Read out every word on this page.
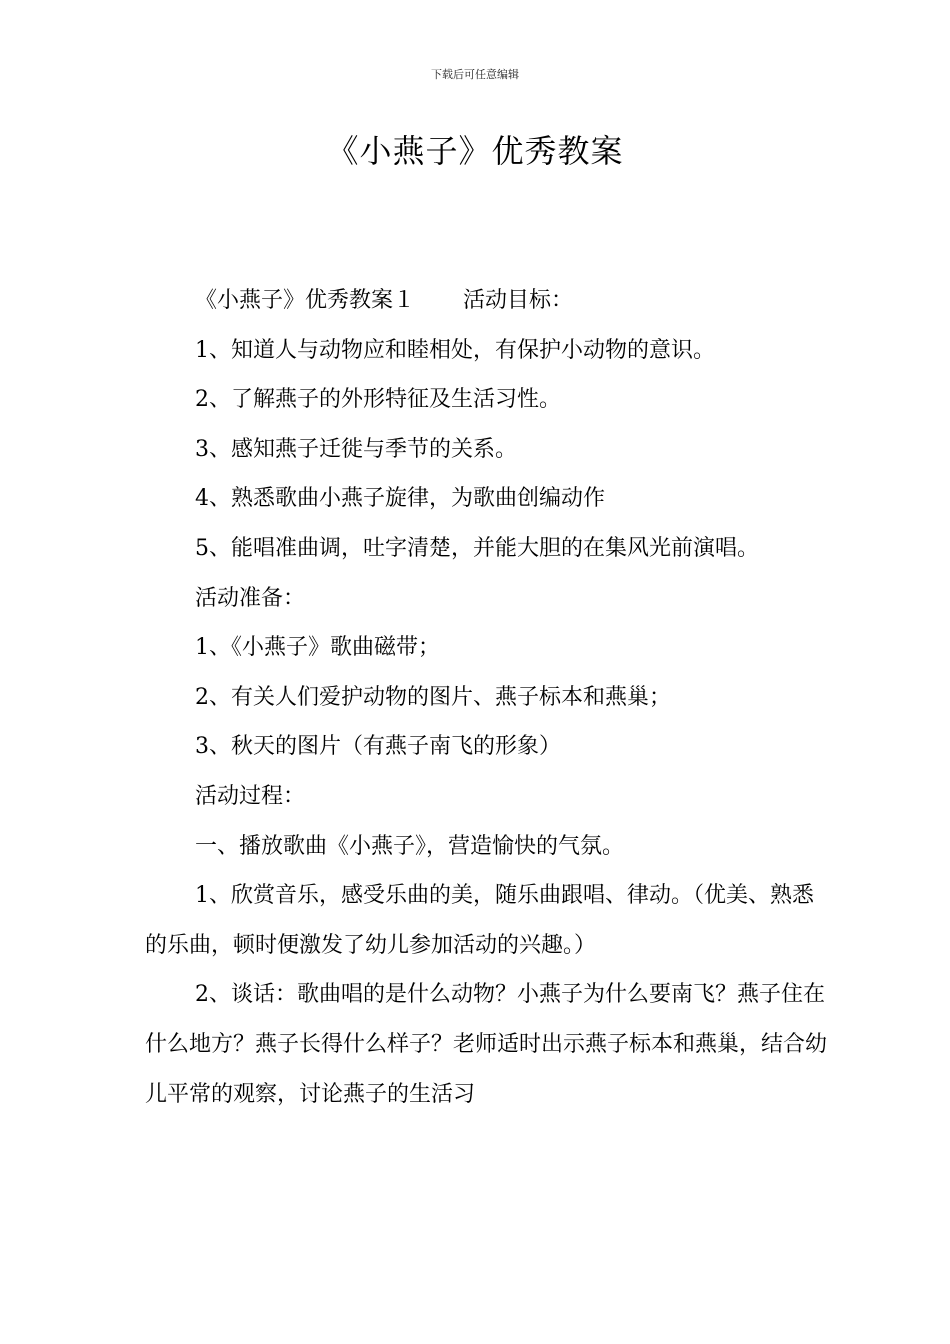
下载后可任意编辑
《小燕子》优秀教案

《小燕子》优秀教案１ 活动目标：

1、知道人与动物应和睦相处，有保护小动物的意识。

2、了解燕子的外形特征及生活习性。

3、感知燕子迁徙与季节的关系。

4、熟悉歌曲小燕子旋律，为歌曲创编动作

5、能唱准曲调，吐字清楚，并能大胆的在集风光前演唱。

活动准备：

1、《小燕子》歌曲磁带；

2、有关人们爱护动物的图片、燕子标本和燕巢；

3、秋天的图片（有燕子南飞的形象）

活动过程：

一、播放歌曲《小燕子》，营造愉快的气氛。

1、欣赏音乐，感受乐曲的美，随乐曲跟唱、律动。（优美、熟悉的乐曲，顿时便激发了幼儿参加活动的兴趣。）

2、谈话：歌曲唱的是什么动物？小燕子为什么要南飞？燕子住在什么地方？燕子长得什么样子？老师适时出示燕子标本和燕巢，结合幼儿平常的观察，讨论燕子的生活习
